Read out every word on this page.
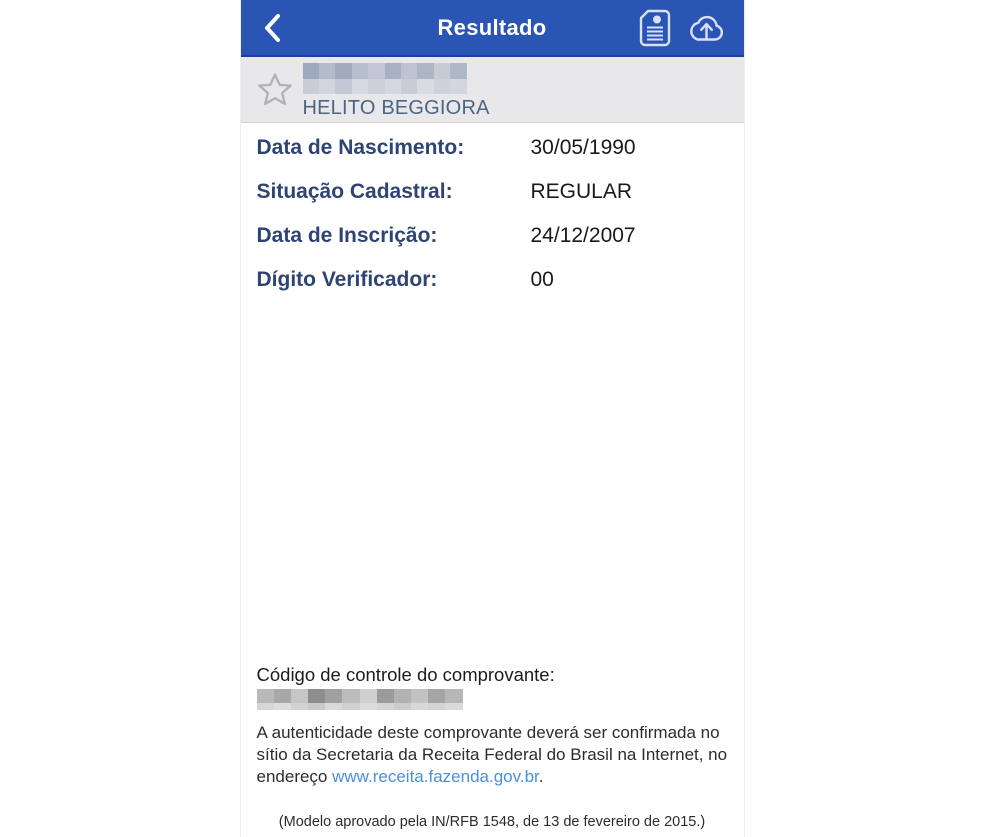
Resultado
HELITO BEGGIORA
Data de Nascimento:	30/05/1990
Situação Cadastral:	REGULAR
Data de Inscrição:	24/12/2007
Dígito Verificador:	00
Código de controle do comprovante:
A autenticidade deste comprovante deverá ser confirmada no sítio da Secretaria da Receita Federal do Brasil na Internet, no endereço www.receita.fazenda.gov.br.
(Modelo aprovado pela IN/RFB 1548, de 13 de fevereiro de 2015.)
